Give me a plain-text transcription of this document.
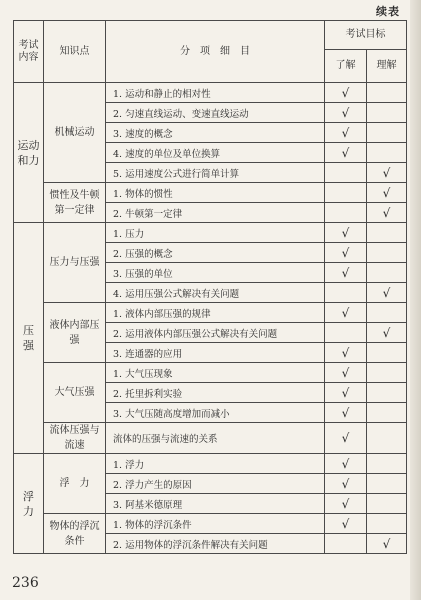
续表
考试内容	知识点	分　项　细　目	考试目标	
			了解	理解
运动和力	机械运动	1. 运动和静止的相对性	√	
		2. 匀速直线运动、变速直线运动	√	
		3. 速度的概念	√	
		4. 速度的单位及单位换算	√	
		5. 运用速度公式进行简单计算		√
	惯性及牛顿第一定律	1. 物体的惯性		√
		2. 牛顿第一定律		√
压强	压力与压强	1. 压力	√	
		2. 压强的概念	√	
		3. 压强的单位	√	
		4. 运用压强公式解决有关问题		√
	液体内部压强	1. 液体内部压强的规律	√	
		2. 运用液体内部压强公式解决有关问题		√
		3. 连通器的应用	√	
	大气压强	1. 大气压现象	√	
		2. 托里拆利实验	√	
		3. 大气压随高度增加而减小	√	
	流体压强与流速	流体的压强与流速的关系	√	
浮力	浮　力	1. 浮力	√	
		2. 浮力产生的原因	√	
		3. 阿基米德原理	√	
	物体的浮沉条件	1. 物体的浮沉条件	√	
		2. 运用物体的浮沉条件解决有关问题		√
236
